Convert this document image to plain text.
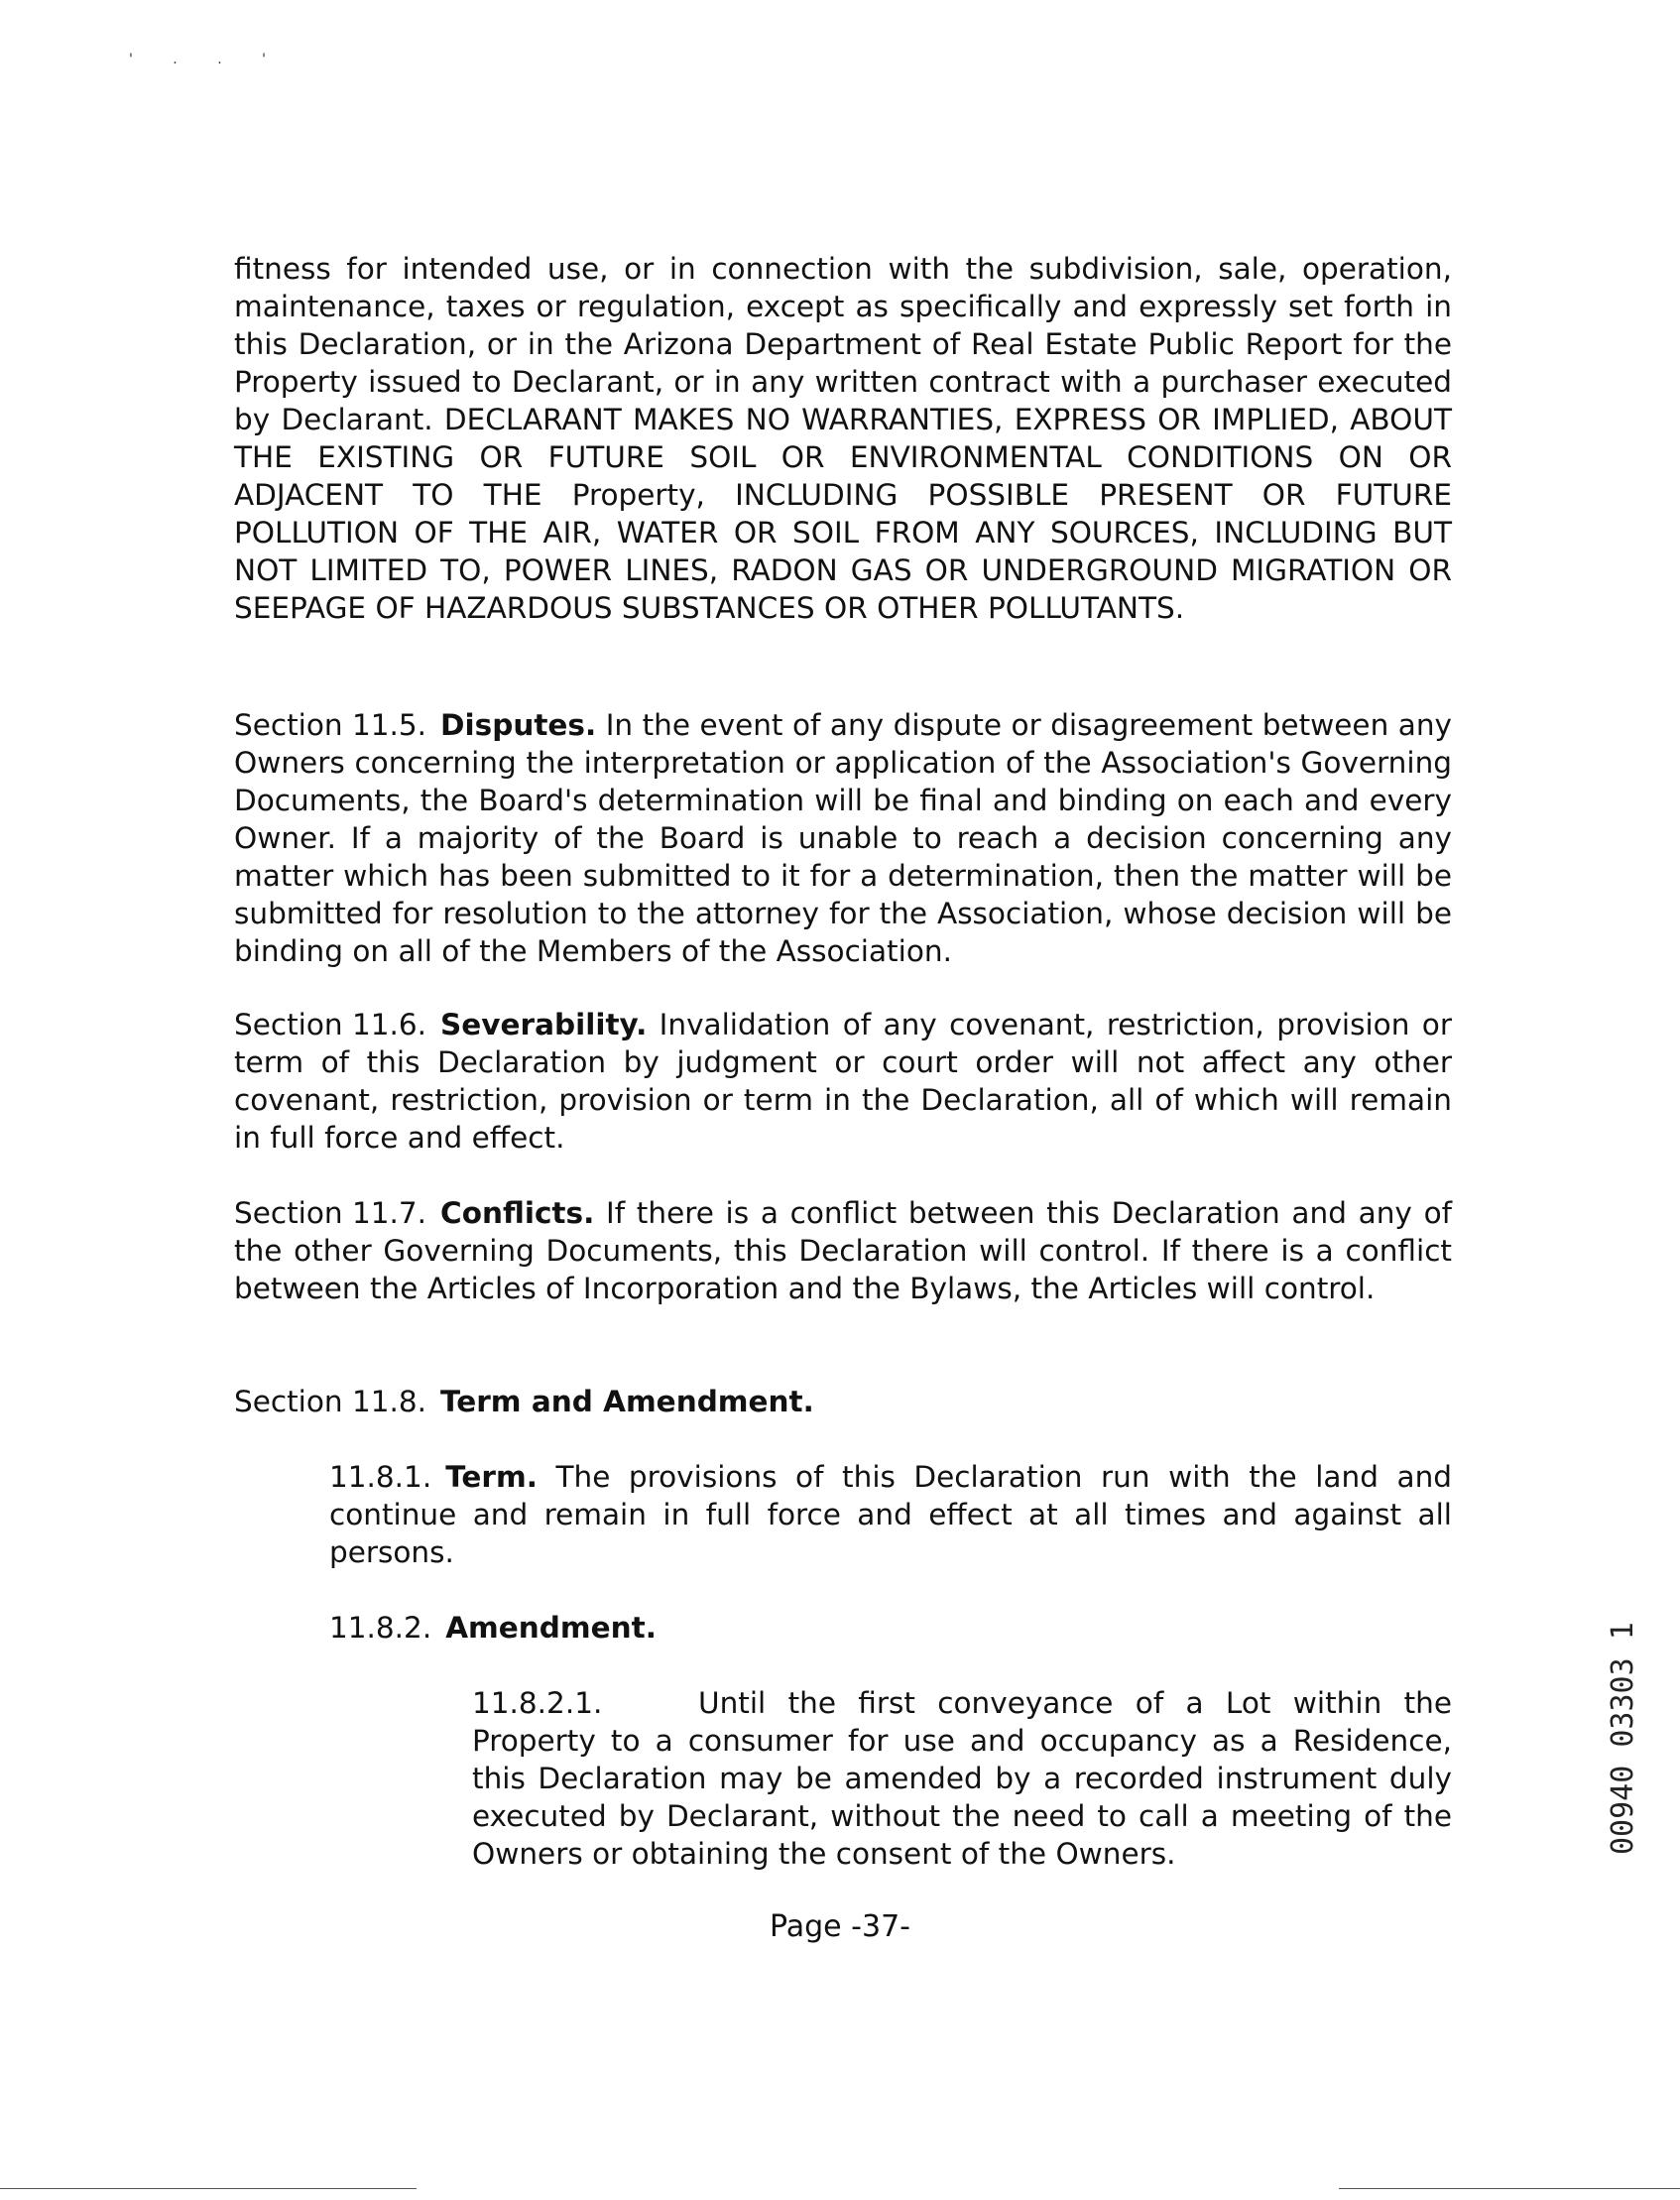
' . . '

fitness for intended use, or in connection with the subdivision, sale, operation, maintenance, taxes or regulation, except as specifically and expressly set forth in this Declaration, or in the Arizona Department of Real Estate Public Report for the Property issued to Declarant, or in any written contract with a purchaser executed by Declarant. DECLARANT MAKES NO WARRANTIES, EXPRESS OR IMPLIED, ABOUT THE EXISTING OR FUTURE SOIL OR ENVIRONMENTAL CONDITIONS ON OR ADJACENT TO THE Property, INCLUDING POSSIBLE PRESENT OR FUTURE POLLUTION OF THE AIR, WATER OR SOIL FROM ANY SOURCES, INCLUDING BUT NOT LIMITED TO, POWER LINES, RADON GAS OR UNDERGROUND MIGRATION OR SEEPAGE OF HAZARDOUS SUBSTANCES OR OTHER POLLUTANTS.

Section 11.5. Disputes. In the event of any dispute or disagreement between any Owners concerning the interpretation or application of the Association's Governing Documents, the Board's determination will be final and binding on each and every Owner. If a majority of the Board is unable to reach a decision concerning any matter which has been submitted to it for a determination, then the matter will be submitted for resolution to the attorney for the Association, whose decision will be binding on all of the Members of the Association.

Section 11.6. Severability. Invalidation of any covenant, restriction, provision or term of this Declaration by judgment or court order will not affect any other covenant, restriction, provision or term in the Declaration, all of which will remain in full force and effect.

Section 11.7. Conflicts. If there is a conflict between this Declaration and any of the other Governing Documents, this Declaration will control. If there is a conflict between the Articles of Incorporation and the Bylaws, the Articles will control.

Section 11.8. Term and Amendment.

11.8.1. Term. The provisions of this Declaration run with the land and continue and remain in full force and effect at all times and against all persons.

11.8.2. Amendment.

11.8.2.1.	Until the first conveyance of a Lot within the Property to a consumer for use and occupancy as a Residence, this Declaration may be amended by a recorded instrument duly executed by Declarant, without the need to call a meeting of the Owners or obtaining the consent of the Owners.

Page -37-
00940 03303 1
